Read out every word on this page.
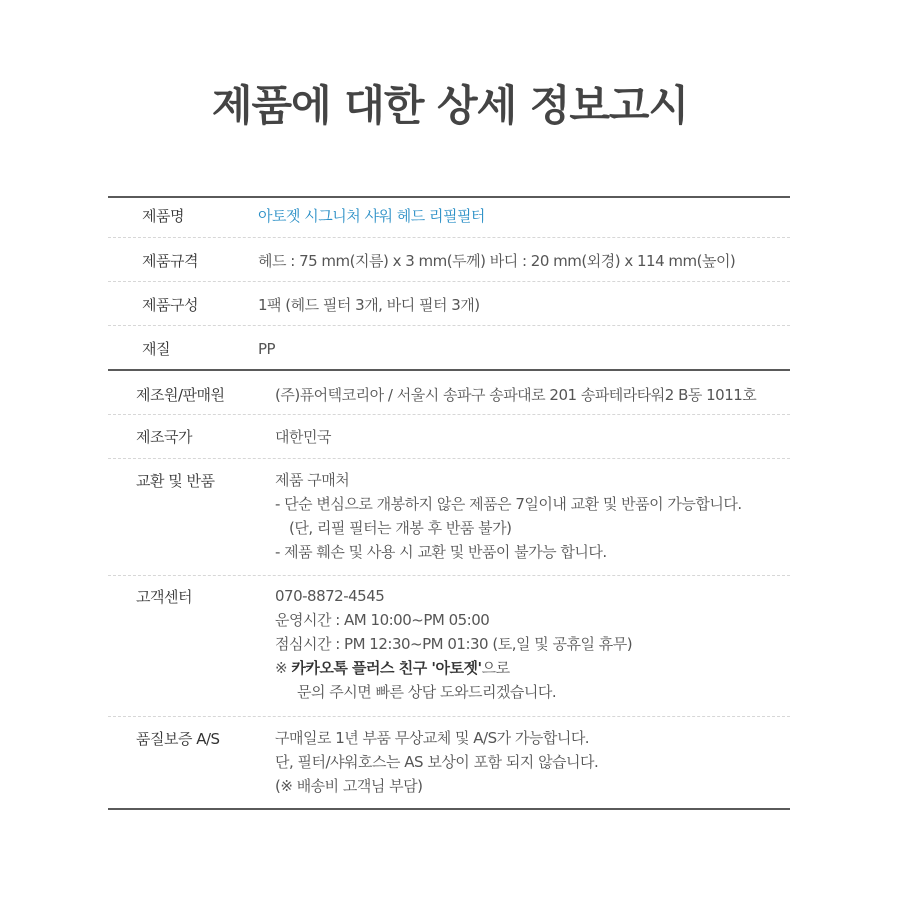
제품에 대한 상세 정보고시
제품명	아토젯 시그니처 샤워 헤드 리필필터
제품규격	헤드 : 75 mm(지름) x 3 mm(두께) 바디 : 20 mm(외경) x 114 mm(높이)
제품구성	1팩 (헤드 필터 3개, 바디 필터 3개)
재질	PP
제조원/판매원	(주)퓨어텍코리아 / 서울시 송파구 송파대로 201 송파테라타워2 B동 1011호
제조국가	대한민국
교환 및 반품	제품 구매처
- 단순 변심으로 개봉하지 않은 제품은 7일이내 교환 및 반품이 가능합니다.
(단, 리필 필터는 개봉 후 반품 불가)
- 제품 훼손 및 사용 시 교환 및 반품이 불가능 합니다.
고객센터	070-8872-4545
운영시간 : AM 10:00~PM 05:00
점심시간 : PM 12:30~PM 01:30 (토,일 및 공휴일 휴무)
※ 카카오톡 플러스 친구 '아토젯'으로
문의 주시면 빠른 상담 도와드리겠습니다.
품질보증 A/S	구매일로 1년 부품 무상교체 및 A/S가 가능합니다.
단, 필터/샤워호스는 AS 보상이 포함 되지 않습니다.
(※ 배송비 고객님 부담)
